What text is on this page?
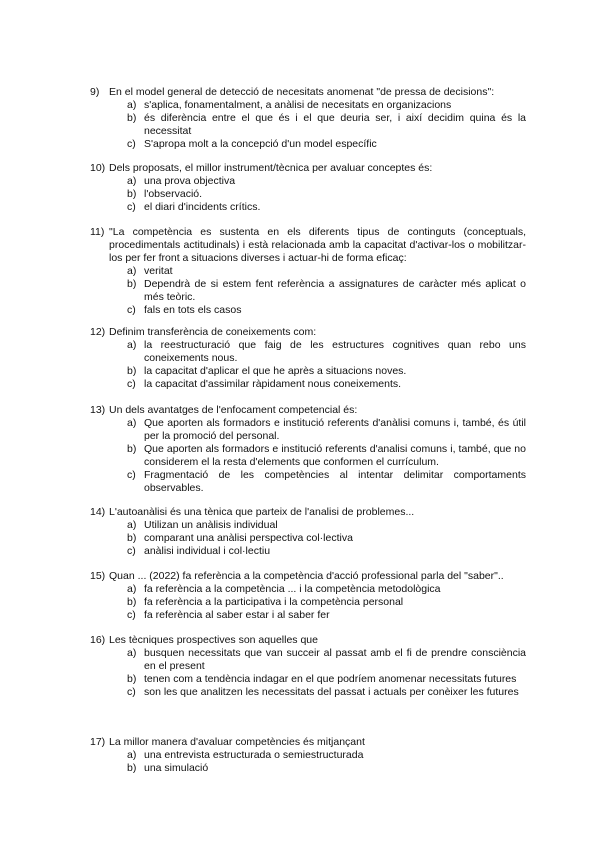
9) En el model general de detecció de necesitats anomenat "de pressa de decisions":
a) s'aplica, fonamentalment, a anàlisi de necesitats en organizacions
b) és diferència entre el que és i el que deuria ser, i així decidim quina és la necessitat
c) S'apropa molt a la concepció d'un model específic
10) Dels proposats, el millor instrument/tècnica per avaluar conceptes és:
a) una prova objectiva
b) l'observació.
c) el diari d'incidents crítics.
11) "La competència es sustenta en els diferents tipus de continguts (conceptuals, procedimentals actitudinals) i està relacionada amb la capacitat d'activar-los o mobilitzar-los per fer front a situacions diverses i actuar-hi de forma eficaç:
a) veritat
b) Dependrà de si estem fent referència a assignatures de caràcter més aplicat o més teòric.
c) fals en tots els casos
12) Definim transferència de coneixements com:
a) la reestructuració que faig de les estructures cognitives quan rebo uns coneixements nous.
b) la capacitat d'aplicar el que he après a situacions noves.
c) la capacitat d'assimilar ràpidament nous coneixements.
13) Un dels avantatges de l'enfocament competencial és:
a) Que aporten als formadors e institució referents d'anàlisi comuns i, també, és útil per la promoció del personal.
b) Que aporten als formadors e institució referents d'analisi comuns i, també, que no considerem el la resta d'elements que conformen el currículum.
c) Fragmentació de les competències al intentar delimitar comportaments observables.
14) L'autoanàlisi és una tènica que parteix de l'analisi de problemes...
a) Utilizan un anàlisis individual
b) comparant una anàlisi perspectiva col·lectiva
c) anàlisi individual i col·lectiu
15) Quan ... (2022) fa referència a la competència d'acció professional parla del "saber"..
a) fa referència a la competència ... i la competència metodològica
b) fa referència a la participativa i la competència personal
c) fa referència al saber estar i al saber fer
16) Les tècniques prospectives son aquelles que
a) busquen necessitats que van succeir al passat amb el fi de prendre consciència en el present
b) tenen com a tendència indagar en el que podríem anomenar necessitats futures
c) son les que analitzen les necessitats del passat i actuals per conèixer les futures
17) La millor manera d'avaluar competències és mitjançant
a) una entrevista estructurada o semiestructurada
b) una simulació
